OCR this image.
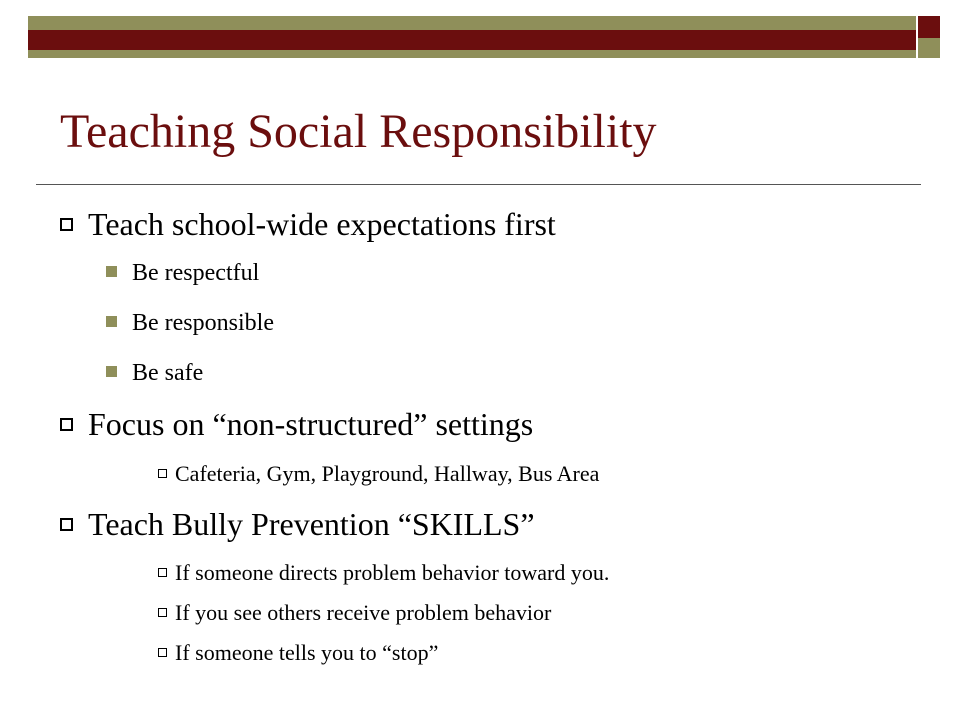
Teaching Social Responsibility
Teach school-wide expectations first
Be respectful
Be responsible
Be safe
Focus on “non-structured” settings
Cafeteria, Gym, Playground, Hallway, Bus Area
Teach Bully Prevention “SKILLS”
If someone directs problem behavior toward you.
If you see others receive problem behavior
If someone tells you to “stop”
